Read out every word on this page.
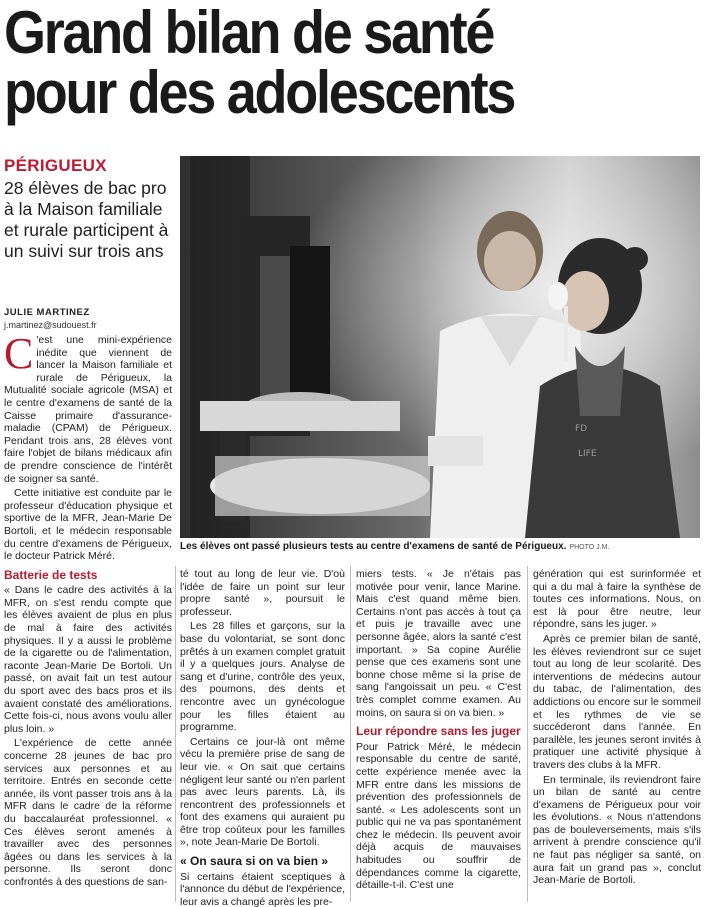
Grand bilan de santé
pour des adolescents
PÉRIGUEUX
28 élèves de bac pro à la Maison familiale et rurale participent à un suivi sur trois ans
JULIE MARTINEZ
j.martinez@sudouest.fr

C 'est une mini-expérience inédite que viennent de lancer la Maison familiale et rurale de Périgueux, la Mutualité sociale agricole (MSA) et le centre d'examens de santé de la Caisse primaire d'assurance-maladie (CPAM) de Périgueux. Pendant trois ans, 28 élèves vont faire l'objet de bilans médicaux afin de prendre conscience de l'intérêt de soigner sa santé.

Cette initiative est conduite par le professeur d'éducation physique et sportive de la MFR, Jean-Marie De Bortoli, et le médecin responsable du centre d'examens de Périgueux, le docteur Patrick Méré.

Batterie de tests

« Dans le cadre des activités à la MFR, on s'est rendu compte que les élèves avaient de plus en plus de mal à faire des activités physiques. Il y a aussi le problème de la cigarette ou de l'alimentation, raconte Jean-Marie De Bortoli. Un passé, on avait fait un test autour du sport avec des bacs pros et ils avaient constaté des améliorations. Cette fois-ci, nous avons voulu aller plus loin. »

L'expérience de cette année concerne 28 jeunes de bac pro services aux personnes et au territoire. Entrés en seconde cette année, ils vont passer trois ans à la MFR dans le cadre de la réforme du baccalauréat professionnel. « Ces élèves seront amenés à travailler avec des personnes âgées ou dans les services à la personne. Ils seront donc confrontés à des questions de san-

FD
LIFE
Les élèves ont passé plusieurs tests au centre d'examens de santé de Périgueux. PHOTO J.M.

té tout au long de leur vie. D'où l'idée de faire un point sur leur propre santé », poursuit le professeur.

Les 28 filles et garçons, sur la base du volontariat, se sont donc prêtés à un examen complet gratuit il y a quelques jours. Analyse de sang et d'urine, contrôle des yeux, des poumons, des dents et rencontre avec un gynécologue pour les filles étaient au programme.

Certains ce jour-là ont même vécu la première prise de sang de leur vie. « On sait que certains négligent leur santé ou n'en parlent pas avec leurs parents. Là, ils rencontrent des professionnels et font des examens qui auraient pu être trop coûteux pour les familles », note Jean-Marie De Bortoli.

« On saura si on va bien »

Si certains étaient sceptiques à l'annonce du début de l'expérience, leur avis a changé après les pre-

miers tests. « Je n'étais pas motivée pour venir, lance Marine. Mais c'est quand même bien. Certains n'ont pas accès à tout ça et puis je travaille avec une personne âgée, alors la santé c'est important. » Sa copine Aurélie pense que ces examens sont une bonne chose même si la prise de sang l'angoissait un peu. « C'est très complet comme examen. Au moins, on saura si on va bien. »

Leur répondre sans les juger

Pour Patrick Méré, le médecin responsable du centre de santé, cette expérience menée avec la MFR entre dans les missions de prévention des professionnels de santé. « Les adolescents sont un public qui ne va pas spontanément chez le médecin. Ils peuvent avoir déjà acquis de mauvaises habitudes ou souffrir de dépendances comme la cigarette, détaille-t-il. C'est une

génération qui est surinformée et qui a du mal à faire la synthèse de toutes ces informations. Nous, on est là pour être neutre, leur répondre, sans les juger. »

Après ce premier bilan de santé, les élèves reviendront sur ce sujet tout au long de leur scolarité. Des interventions de médecins autour du tabac, de l'alimentation, des addictions ou encore sur le sommeil et les rythmes de vie se succéderont dans l'année. En parallèle, les jeunes seront invités à pratiquer une activité physique à travers des clubs à la MFR.

En terminale, ils reviendront faire un bilan de santé au centre d'examens de Périgueux pour voir les évolutions. « Nous n'attendons pas de bouleversements, mais s'ils arrivent à prendre conscience qu'il ne faut pas négliger sa santé, on aura fait un grand pas », conclut Jean-Marie de Bortoli.
